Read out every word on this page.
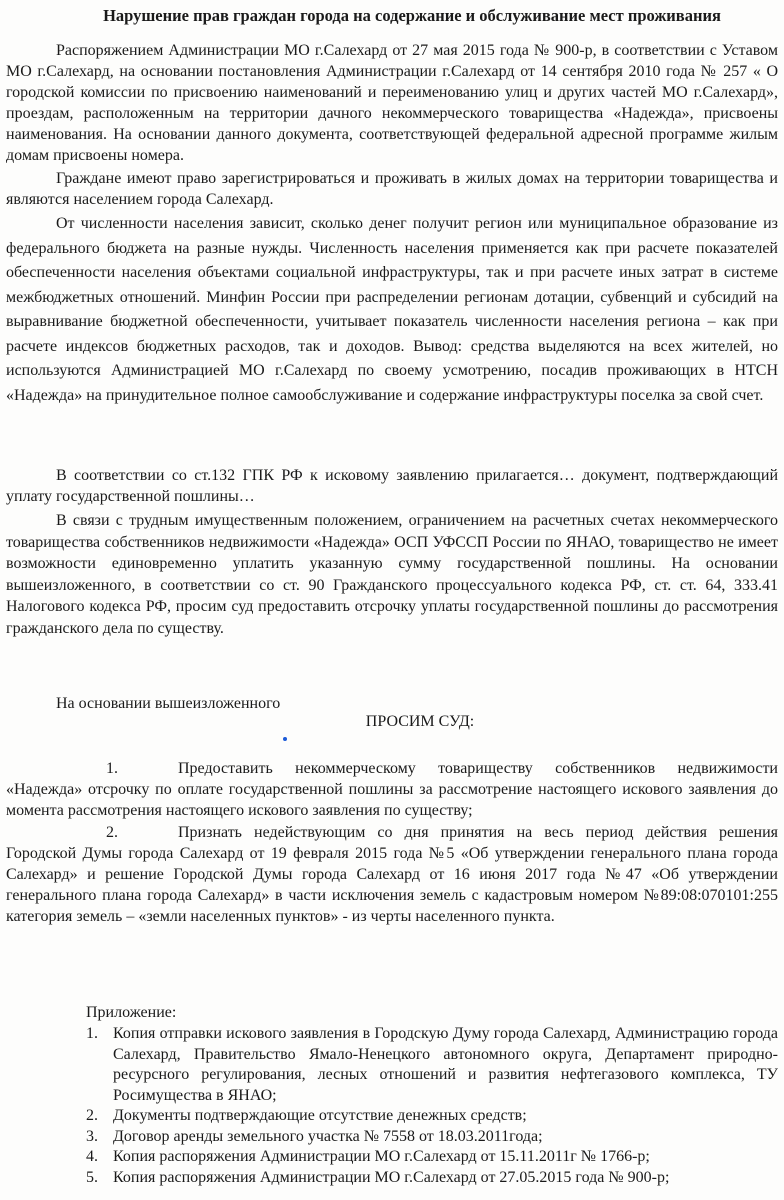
Нарушение прав граждан города на содержание и обслуживание мест проживания

Распоряжением Администрации МО г.Салехард от 27 мая 2015 года № 900-р, в соответствии с Уставом МО г.Салехард, на основании постановления Администрации г.Салехард от 14 сентября 2010 года № 257 « О городской комиссии по присвоению наименований и переименованию улиц и других частей МО г.Салехард», проездам, расположенным на территории дачного некоммерческого товарищества «Надежда», присвоены наименования. На основании данного документа, соответствующей федеральной адресной программе жилым домам присвоены номера.

Граждане имеют право зарегистрироваться и проживать в жилых домах на территории товарищества и являются населением города Салехард.

От численности населения зависит, сколько денег получит регион или муниципальное образование из федерального бюджета на разные нужды. Численность населения применяется как при расчете показателей обеспеченности населения объектами социальной инфраструктуры, так и при расчете иных затрат в системе межбюджетных отношений. Минфин России при распределении регионам дотации, субвенций и субсидий на выравнивание бюджетной обеспеченности, учитывает показатель численности населения региона – как при расчете индексов бюджетных расходов, так и доходов. Вывод: средства выделяются на всех жителей, но используются Администрацией МО г.Салехард по своему усмотрению, посадив проживающих в НТСН «Надежда» на принудительное полное самообслуживание и содержание инфраструктуры поселка за свой счет.

В соответствии со ст.132 ГПК РФ к исковому заявлению прилагается… документ, подтверждающий уплату государственной пошлины…

В связи с трудным имущественным положением, ограничением на расчетных счетах некоммерческого товарищества собственников недвижимости «Надежда» ОСП УФССП России по ЯНАО, товарищество не имеет возможности единовременно уплатить указанную сумму государственной пошлины. На основании вышеизложенного, в соответствии со ст. 90 Гражданского процессуального кодекса РФ, ст. ст. 64, 333.41 Налогового кодекса РФ, просим суд предоставить отсрочку уплаты государственной пошлины до рассмотрения гражданского дела по существу.

На основании вышеизложенного
ПРОСИМ СУД:
1.	Предоставить некоммерческому товариществу собственников недвижимости «Надежда» отсрочку по оплате государственной пошлины за рассмотрение настоящего искового заявления до момента рассмотрения настоящего искового заявления по существу;
2.	Признать недействующим со дня принятия на весь период действия решения Городской Думы города Салехард от 19 февраля 2015 года №5 «Об утверждении генерального плана города Салехард» и решение Городской Думы города Салехард от 16 июня 2017 года №47 «Об утверждении генерального плана города Салехард» в части исключения земель с кадастровым номером №89:08:070101:255 категория земель – «земли населенных пунктов» - из черты населенного пункта.
Приложение:
1. Копия отправки искового заявления в Городскую Думу города Салехард, Администрацию города Салехард, Правительство Ямало-Ненецкого автономного округа, Департамент природно-ресурсного регулирования, лесных отношений и развития нефтегазового комплекса, ТУ Росимущества в ЯНАО;
2. Документы подтверждающие отсутствие денежных средств;
3. Договор аренды земельного участка № 7558 от 18.03.2011года;
4. Копия распоряжения Администрации МО г.Салехард от 15.11.2011г № 1766-р;
5. Копия распоряжения Администрации МО г.Салехард от 27.05.2015 года № 900-р;
